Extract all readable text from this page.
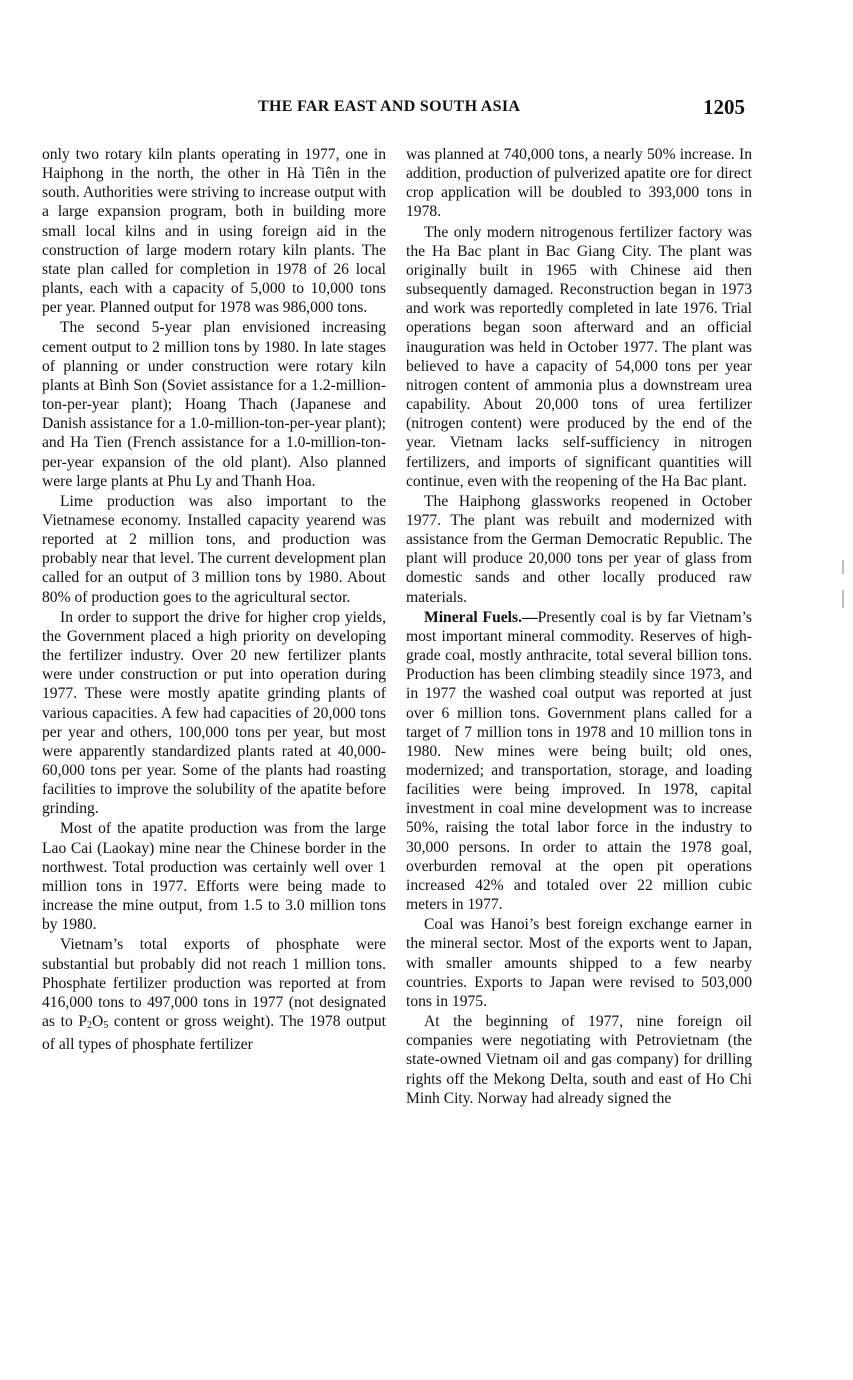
THE FAR EAST AND SOUTH ASIA	1205

only two rotary kiln plants operating in 1977, one in Haiphong in the north, the other in Hà Tiên in the south. Authorities were striving to increase output with a large expansion program, both in building more small local kilns and in using foreign aid in the construction of large modern rotary kiln plants. The state plan called for completion in 1978 of 26 local plants, each with a capacity of 5,000 to 10,000 tons per year. Planned output for 1978 was 986,000 tons.

The second 5-year plan envisioned increasing cement output to 2 million tons by 1980. In late stages of planning or under construction were rotary kiln plants at Bình Son (Soviet assistance for a 1.2-million-ton-per-year plant); Hoang Thach (Japanese and Danish assistance for a 1.0-million-ton-per-year plant); and Ha Tien (French assistance for a 1.0-million-ton-per-year expansion of the old plant). Also planned were large plants at Phu Ly and Thanh Hoa.

Lime production was also important to the Vietnamese economy. Installed capacity yearend was reported at 2 million tons, and production was probably near that level. The current development plan called for an output of 3 million tons by 1980. About 80% of production goes to the agricultural sector.

In order to support the drive for higher crop yields, the Government placed a high priority on developing the fertilizer industry. Over 20 new fertilizer plants were under construction or put into operation during 1977. These were mostly apatite grinding plants of various capacities. A few had capacities of 20,000 tons per year and others, 100,000 tons per year, but most were apparently standardized plants rated at 40,000-60,000 tons per year. Some of the plants had roasting facilities to improve the solubility of the apatite before grinding.

Most of the apatite production was from the large Lao Cai (Laokay) mine near the Chinese border in the northwest. Total production was certainly well over 1 million tons in 1977. Efforts were being made to increase the mine output, from 1.5 to 3.0 million tons by 1980.

Vietnam’s total exports of phosphate were substantial but probably did not reach 1 million tons. Phosphate fertilizer production was reported at from 416,000 tons to 497,000 tons in 1977 (not designated as to $P_2O_5$ content or gross weight). The 1978 output of all types of phosphate fertilizer

was planned at 740,000 tons, a nearly 50% increase. In addition, production of pulverized apatite ore for direct crop application will be doubled to 393,000 tons in 1978.

The only modern nitrogenous fertilizer factory was the Ha Bac plant in Bac Giang City. The plant was originally built in 1965 with Chinese aid then subsequently damaged. Reconstruction began in 1973 and work was reportedly completed in late 1976. Trial operations began soon afterward and an official inauguration was held in October 1977. The plant was believed to have a capacity of 54,000 tons per year nitrogen content of ammonia plus a downstream urea capability. About 20,000 tons of urea fertilizer (nitrogen content) were produced by the end of the year. Vietnam lacks self-sufficiency in nitrogen fertilizers, and imports of significant quantities will continue, even with the reopening of the Ha Bac plant.

The Haiphong glassworks reopened in October 1977. The plant was rebuilt and modernized with assistance from the German Democratic Republic. The plant will produce 20,000 tons per year of glass from domestic sands and other locally produced raw materials.

Mineral Fuels.—Presently coal is by far Vietnam’s most important mineral commodity. Reserves of high-grade coal, mostly anthracite, total several billion tons. Production has been climbing steadily since 1973, and in 1977 the washed coal output was reported at just over 6 million tons. Government plans called for a target of 7 million tons in 1978 and 10 million tons in 1980. New mines were being built; old ones, modernized; and transportation, storage, and loading facilities were being improved. In 1978, capital investment in coal mine development was to increase 50%, raising the total labor force in the industry to 30,000 persons. In order to attain the 1978 goal, overburden removal at the open pit operations increased 42% and totaled over 22 million cubic meters in 1977.

Coal was Hanoi’s best foreign exchange earner in the mineral sector. Most of the exports went to Japan, with smaller amounts shipped to a few nearby countries. Exports to Japan were revised to 503,000 tons in 1975.

At the beginning of 1977, nine foreign oil companies were negotiating with Petrovietnam (the state-owned Vietnam oil and gas company) for drilling rights off the Mekong Delta, south and east of Ho Chi Minh City. Norway had already signed the
